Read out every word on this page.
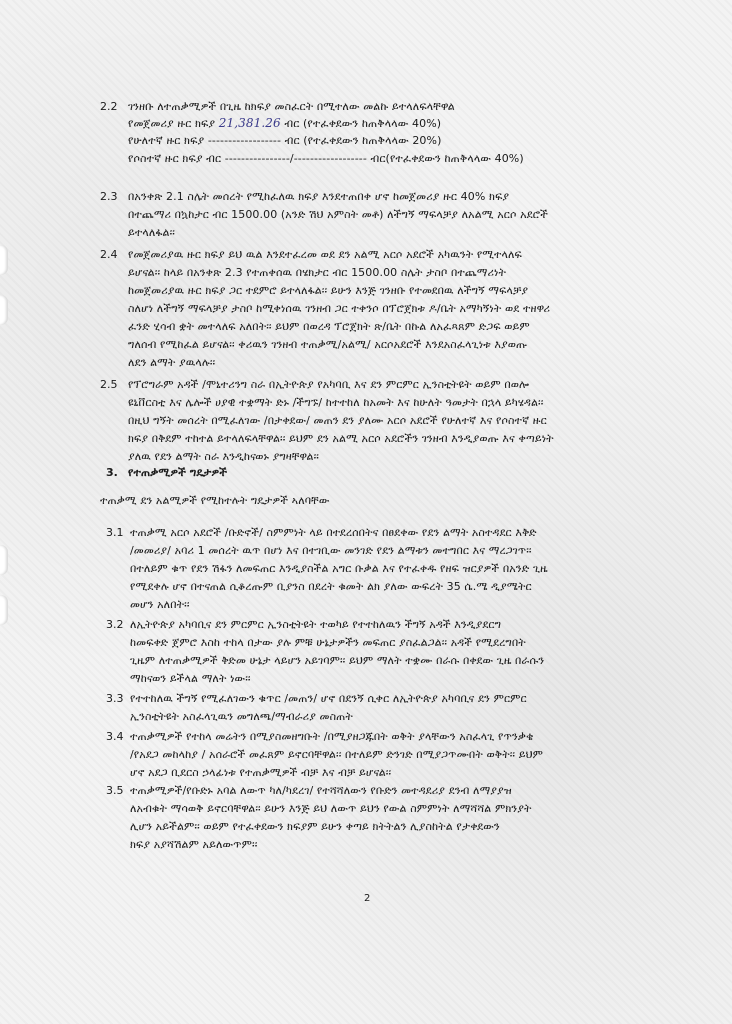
2.2 ገንዘቡ ለተጠቃሚዎች በጊዜ ከክፍያ መስፈርት በሚተለው መልኩ ይተላለፍላቸዋል
የመጀመሪያ ዙር ክፍያ 21,381.26 ብር (የተፈቀደውን ከጠቅላላው 40%)
የሁለተኛ ዙር ክፍያ ------------------ ብር (የተፈቀደውን ከጠቅላላው 20%)
የሶስተኛ ዙር ክፍያ ብር ----------------/------------------ ብር(የተፈቀደውን ከጠቅላላው 40%)
2.3 በአንቀጽ 2.1 ስሌት መሰረት የሚከፈለዉ ክፍያ እንደተጠበቀ ሆኖ ከመጀመሪያ ዙር 40% ክፍያ
በተጨማሪ በኳከታር ብር 1500.00 (አንድ ሽህ አምስት መቶ) ለችግኝ ማፍላቻያ ለአልሚ አርሶ አደሮች
ይተላለፋል፡፡
2.4 የመጀመሪያዉ ዙር ክፍያ ይህ ዉል እንደተፈረመ ወደ ደን አልሚ አርሶ አደሮች አካዉንት የሚተላለፍ
ይሆናል፡፡ ከላይ በአንቀጽ 2.3 የተጠቀሰዉ በሄክታር ብር 1500.00 ስሌት ታስቦ በተጨማሪነት
ከመጀመሪያዉ ዙር ክፍያ ጋር ተደምሮ ይተላለፋል፡፡ ይሁን እንጅ ገንዘቡ የተመደበዉ ለችግኝ ማፍላቻያ
ስለሆነ ለችግኝ ማፍላቻያ ታስቦ ከሚቀነሰዉ ገንዘብ ጋር ተቀንሶ በፕሮጀክቱ ዶ/ቤት አማካኝነት ወደ ተዘዋሪ
ፈንድ ሂሳብ ቋት መተላለፍ አለበት፡፡ ይህም በወረዳ ፕሮጀክት ጽ/ቤት በኩል ለአፈጻጸም ድጋፍ ወይም
ግለሰብ የሚከፈል ይሆናል፡፡ ቀሪዉን ገንዘብ ተጠቃሚ/አልሚ/ አርሶአደሮች እንደአስፈላጊነቱ እያወጡ
ለደን ልማት ያዉላሉ፡፡
2.5 የፕሮግራም አዳች /ሞኒተሪንግ ስራ በኢትዮጵያ የአካባቢ እና ደን ምርምር ኢንስቲትዩት ወይም በወሎ
ዩኒቨርስቲ እና ሌሎች ሀያዊ ተቋማት ድኑ /ችግኙ/ ከተተከለ ከአመት እና ከሁለት ዓመታት በኋላ ይካሄዳል፡፡
በዚህ ግኝት መሰረት በሚፈለገው /በታቀደው/ መጠን ደን ያለሙ አርሶ አደሮች የሁለተኛ እና የሶስተኛ ዙር
ክፍያ በቅደም ተከተል ይተላለፍላቸዋል፡፡ ይህም ደን አልሚ አርሶ አደሮችን ገንዘብ እንዲያወጡ እና ቀጣይነት
ያለዉ የደን ልማት ስራ እንዲከናወኑ ያግዛቸዋል፡፡
3. የተጠቃሚዎች ግዴታዎች
ተጠቃሚ ደን አልሚዎች የሚከተሉት ግዴታዎች ኣለባቸው
3.1 ተጠቃሚ አርሶ አደሮች /ቡድኖች/ ስምምነት ላይ በተደረሰበትና በፀደቀው የደን ልማት አስተዳደር እቅድ
/መመሪያ/ አባሪ 1 መሰረት ዉጥ በሆነ እና በተገቢው መንገድ የደን ልማቱን መተግበር እና ማረጋገጥ፡፡
በተለይም ቁጥ የደን ሽፋን ለመፍጠር እንዲያስችል አግር ቡቃል እና የተፈቀዱ የዘፍ ዝርያዎች በአንድ ጊዜ
የሚደቀሉ ሆኖ በተናጠል ሲቆረጡም ቢያንስ በደረት ቁመት ልክ ያለው ውፍረት 35 ሴ.ሜ ዲያሜትር
መሆን አለበት፡፡
3.2 ለኢትዮጵያ አካባቢና ደን ምርምር ኢንስቲትዩት ተወካይ የተተከለዉን ችግኝ አዳች እንዲያደርግ
ከመፍቀድ ጀምሮ እስከ ተከላ በታው ያሉ ምቹ ሁኔታዎችን መፍጠር ያስፈልጋል፡፡ አዳች የሚደረግበት
ጊዜም ለተጠቃሚዎች ቅድመ ሁኔታ ላይሆን አይገባም፡፡ ይህም ማለት ተቋሙ በራሱ በቀደው ጊዜ በራሱን
ማከናወን ይችላል ማለት ነው፡፡
3.3 የተተከለዉ ችግኝ የሚፈለገውን ቁጥር /መጠን/ ሆኖ በደንኝ ሲቀር ለኢትዮጵያ አካባቢና ደን ምርምር
ኢንስቲትዩት አስፈላጊዉን መግለጫ/ማብራሪያ መስጠት
3.4 ተጠቃሚዎች የተከላ መሬትን በሚያስመዘግቡት /በሚያዘጋጁበት ወቅት ያላቸውን አስፈላጊ የጥንቃቄ
/የአደጋ መከላከያ / አሰራሮች መፈጸም ይኖርባቸዋል፡፡ በተለይም ድንገድ በሚያጋጥሙበት ወቅት፡፡ ይህም
ሆኖ አደጋ ቢደርስ ኃላፊነቱ የተጠቃሚዎች ብቻ እና ብቻ ይሆናል፡፡
3.5 ተጠቃሚዎች/የቡድኑ አባል ለውጥ ካለ/ካደረገ/ የተሻሻለውን የቡድን መተዳደሪያ ደንብ ለማያያዝ
ለአብቁት ማሳወቅ ይኖርባቸዋል፡፡ ይሁን እንጅ ይህ ለውጥ ይህን የውል ስምምነት ለማሻሻል ምክንያት
ሊሆን አይችልም፡፡ ወይም የተፈቀደውን ክፍያም ይሁን ቀጣይ ክትትልን ሊያስከትል የታቀደውን
ክፍያ አያሻሽልም አይለውጥም፡፡
2
